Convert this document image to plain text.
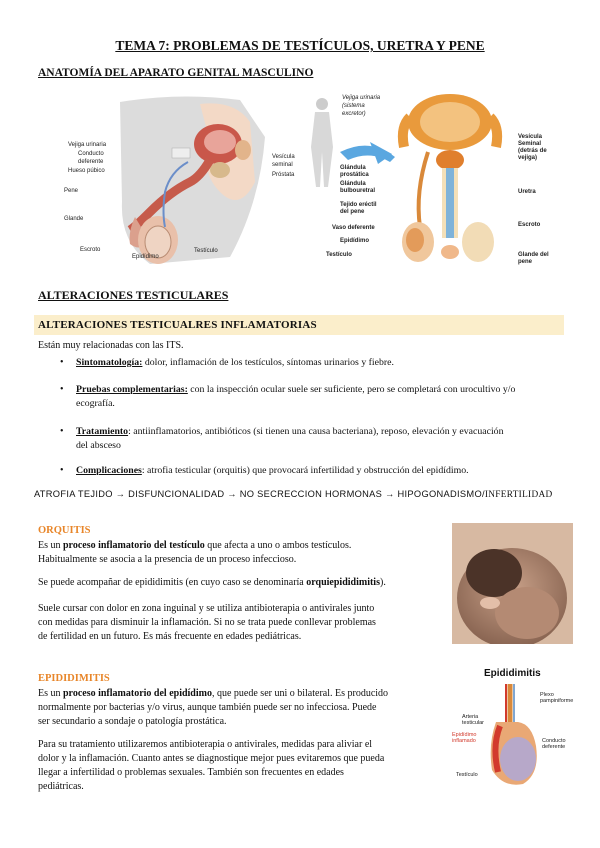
TEMA 7: PROBLEMAS DE TESTÍCULOS, URETRA Y PENE
ANATOMÍA DEL APARATO GENITAL MASCULINO
Vejiga urinaria
Conducto
deferente
Hueso púbico
Pene
Glande
Escroto
Epidídimo
Testículo
Vesícula
seminal
Próstata
Vejiga urinaria
(sistema
excretor)
Glándula
prostática
Glándula
bulbouretral
Tejido eréctil
del pene
Vaso deferente
Epidídimo
Testículo
Vesícula
Seminal
(detrás de
vejiga)
Uretra
Escroto
Glande del
pene
ALTERACIONES TESTICULARES
ALTERACIONES TESTICUALRES INFLAMATORIAS
Están muy relacionadas con las ITS.
• Sintomatología: dolor, inflamación de los testículos, síntomas urinarios y fiebre.
• Pruebas complementarias: con la inspección ocular suele ser suficiente, pero se completará con urocultivo y/o
ecografía.
• Tratamiento: antiinflamatorios, antibióticos (si tienen una causa bacteriana), reposo, elevación y evacuación
del absceso
• Complicaciones: atrofia testicular (orquitis) que provocará infertilidad y obstrucción del epidídimo.
ATROFIA TEJIDO → DISFUNCIONALIDAD → NO SECRECCION HORMONAS → HIPOGONADISMO/INFERTILIDAD
ORQUITIS
Es un proceso inflamatorio del testículo que afecta a uno o ambos testículos.
Habitualmente se asocia a la presencia de un proceso infeccioso.
Se puede acompañar de epididimitis (en cuyo caso se denominaría orquiepididimitis).
Suele cursar con dolor en zona inguinal y se utiliza antibioterapia o antivirales junto
con medidas para disminuir la inflamación. Si no se trata puede conllevar problemas
de fertilidad en un futuro. Es más frecuente en edades pediátricas.
EPIDIDIMITIS
Es un proceso inflamatorio del epidídimo, que puede ser uni o bilateral. Es producido
normalmente por bacterias y/o virus, aunque también puede ser no infecciosa. Puede
ser secundario a sondaje o patología prostática.
Para su tratamiento utilizaremos antibioterapia o antivirales, medidas para aliviar el
dolor y la inflamación. Cuanto antes se diagnostique mejor pues evitaremos que pueda
llegar a infertilidad o problemas sexuales. También son frecuentes en edades
pediátricas.
Epididimitis
Plexo
pampiniforme
Arteria
testicular
Epidídimo
inflamado	Conducto
deferente
Testículo
